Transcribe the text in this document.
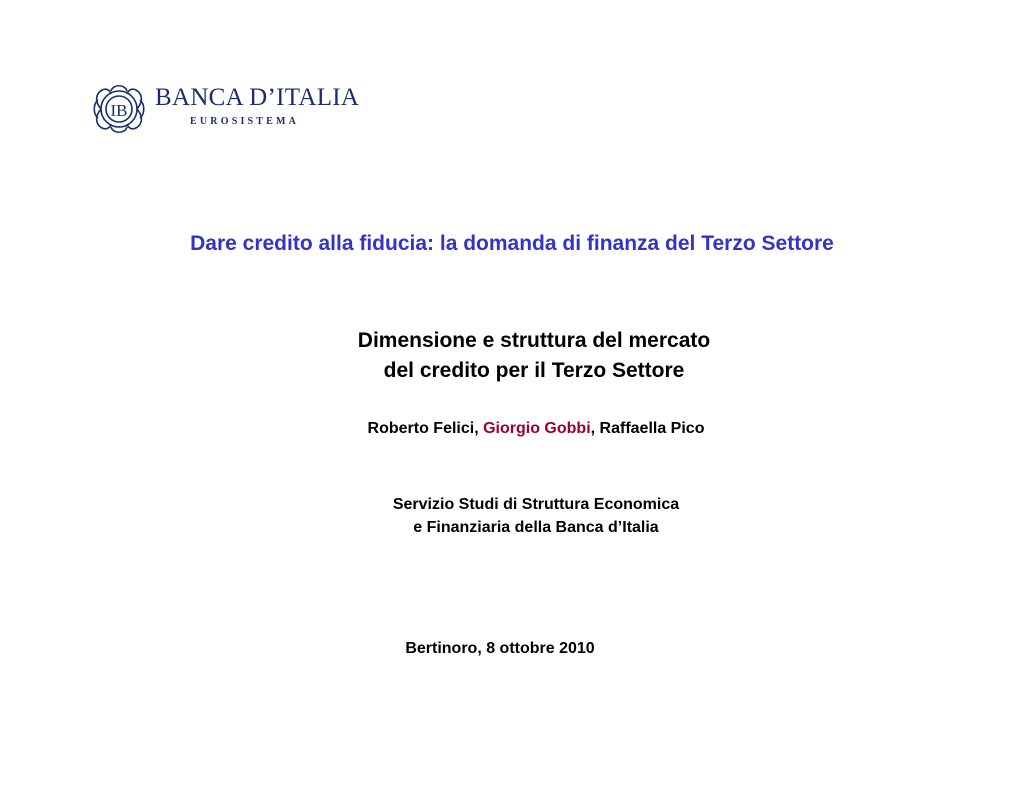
IB BANCA D’ITALIA
EUROSISTEMA
Dare credito alla fiducia: la domanda di finanza del Terzo Settore
Dimensione e struttura del mercato
del credito per il Terzo Settore
Roberto Felici, Giorgio Gobbi, Raffaella Pico
Servizio Studi di Struttura Economica
e Finanziaria della Banca d’Italia
Bertinoro, 8 ottobre 2010
